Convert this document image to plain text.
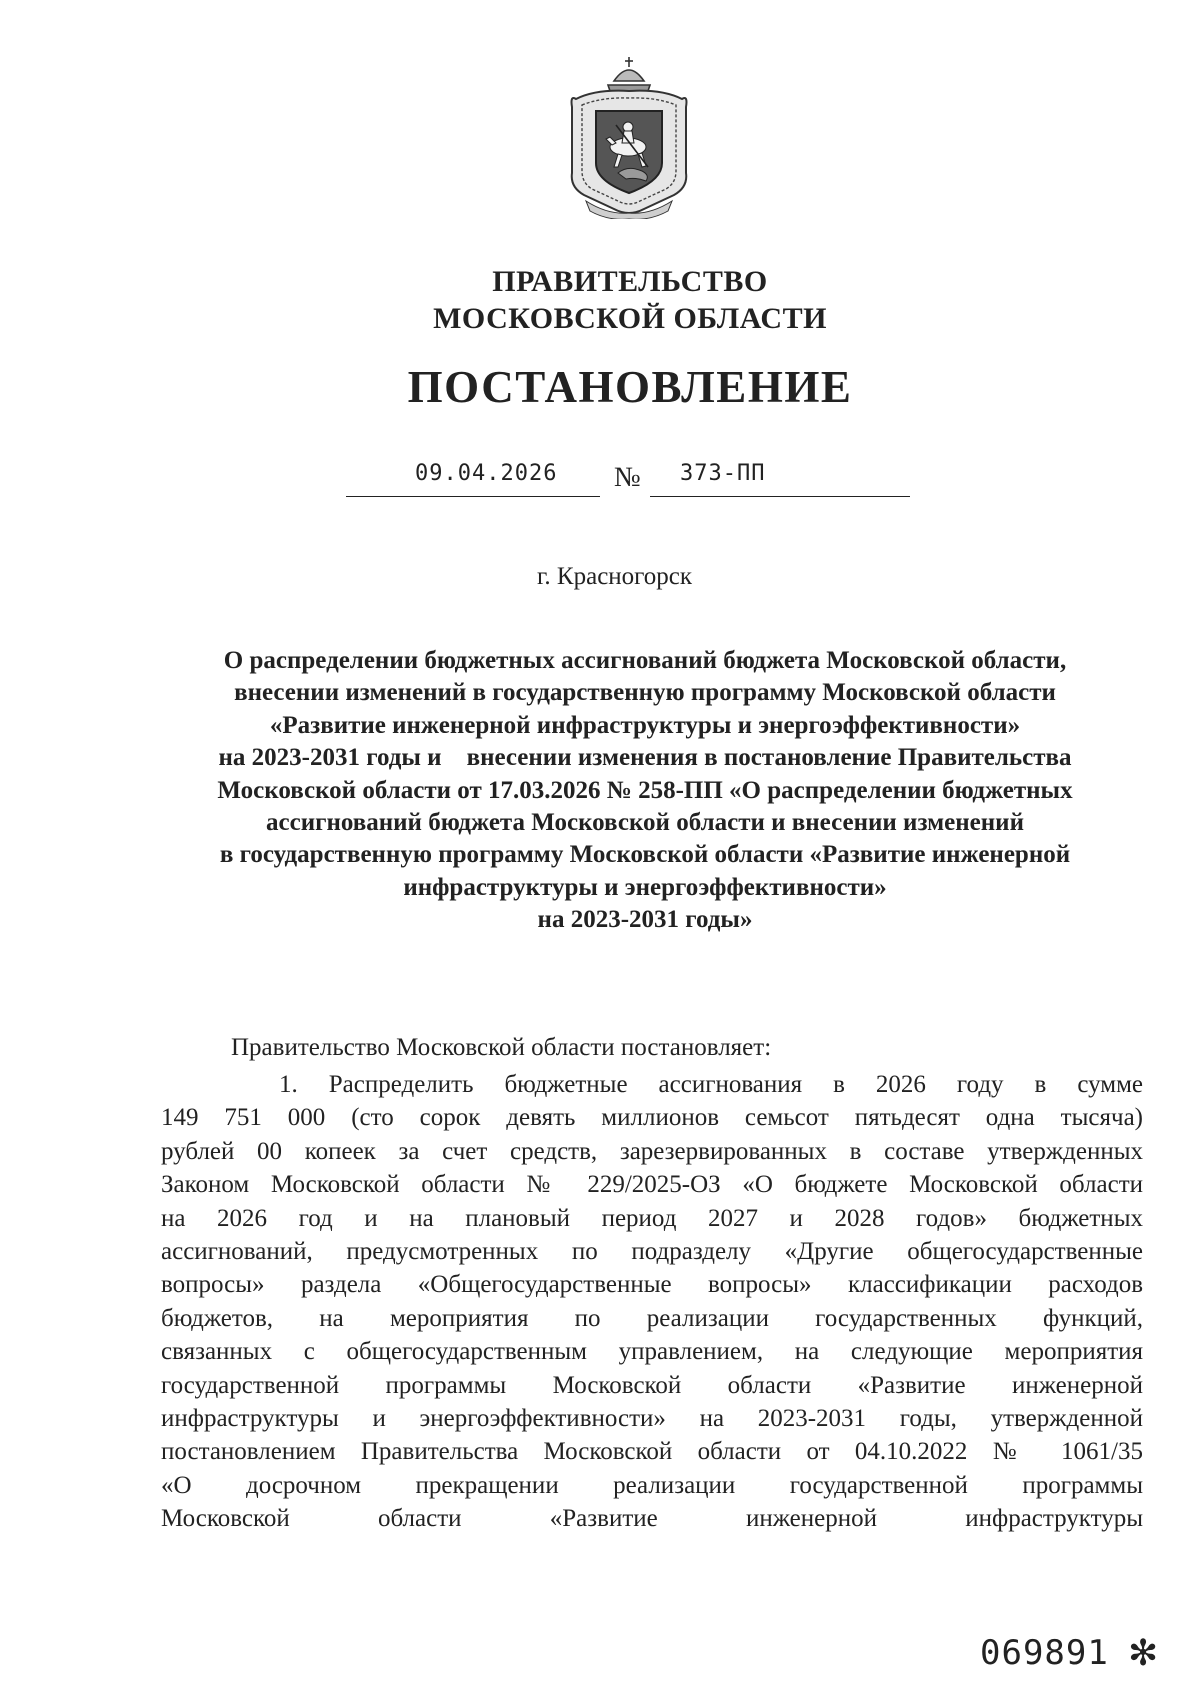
ПРАВИТЕЛЬСТВО
МОСКОВСКОЙ ОБЛАСТИ
ПОСТАНОВЛЕНИЕ
09.04.2026 № 373-ПП
г. Красногорск
О распределении бюджетных ассигнований бюджета Московской области,
внесении изменений в государственную программу Московской области
«Развитие инженерной инфраструктуры и энергоэффективности»
на 2023-2031 годы и    внесении изменения в постановление Правительства
Московской области от 17.03.2026 № 258-ПП «О распределении бюджетных
ассигнований бюджета Московской области и внесении изменений
в государственную программу Московской области «Развитие инженерной
инфраструктуры и энергоэффективности»
на 2023-2031 годы»
Правительство Московской области постановляет:
1. Распределить бюджетные ассигнования в 2026 году в сумме
149 751 000 (сто сорок девять миллионов семьсот пятьдесят одна тысяча)
рублей 00 копеек за счет средств, зарезервированных в составе утвержденных
Законом Московской области № 229/2025-ОЗ «О бюджете Московской области
на 2026 год и на плановый период 2027 и 2028 годов» бюджетных
ассигнований, предусмотренных по подразделу «Другие общегосударственные
вопросы» раздела «Общегосударственные вопросы» классификации расходов
бюджетов, на мероприятия по реализации государственных функций,
связанных с общегосударственным управлением, на следующие мероприятия
государственной программы Московской области «Развитие инженерной
инфраструктуры и энергоэффективности» на 2023-2031 годы, утвержденной
постановлением Правительства Московской области от 04.10.2022 № 1061/35
«О досрочном прекращении реализации государственной программы
Московской области «Развитие инженерной инфраструктуры
069891 ✻
